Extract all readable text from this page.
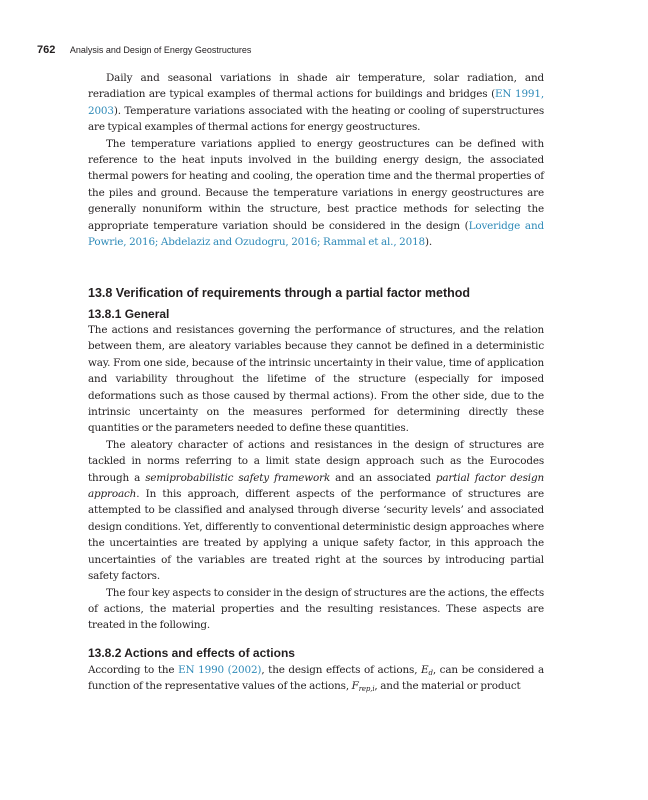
762 Analysis and Design of Energy Geostructures

Daily and seasonal variations in shade air temperature, solar radiation, and reradiation are typical examples of thermal actions for buildings and bridges (EN 1991, 2003). Temperature variations associated with the heating or cooling of superstructures are typical examples of thermal actions for energy geostructures.

The temperature variations applied to energy geostructures can be defined with reference to the heat inputs involved in the building energy design, the associated thermal powers for heating and cooling, the operation time and the thermal properties of the piles and ground. Because the temperature variations in energy geostructures are generally nonuniform within the structure, best practice methods for selecting the appropriate temperature variation should be considered in the design (Loveridge and Powrie, 2016; Abdelaziz and Ozudogru, 2016; Rammal et al., 2018).

13.8 Verification of requirements through a partial factor method
13.8.1 General

The actions and resistances governing the performance of structures, and the relation between them, are aleatory variables because they cannot be defined in a deterministic way. From one side, because of the intrinsic uncertainty in their value, time of application and variability throughout the lifetime of the structure (especially for imposed deformations such as those caused by thermal actions). From the other side, due to the intrinsic uncertainty on the measures performed for determining directly these quantities or the parameters needed to define these quantities.

The aleatory character of actions and resistances in the design of structures are tackled in norms referring to a limit state design approach such as the Eurocodes through a semiprobabilistic safety framework and an associated partial factor design approach. In this approach, different aspects of the performance of structures are attempted to be classified and analysed through diverse ‘security levels’ and associated design conditions. Yet, differently to conventional deterministic design approaches where the uncertainties are treated by applying a unique safety factor, in this approach the uncertainties of the variables are treated right at the sources by introducing partial safety factors.

The four key aspects to consider in the design of structures are the actions, the effects of actions, the material properties and the resulting resistances. These aspects are treated in the following.

13.8.2 Actions and effects of actions

According to the EN 1990 (2002), the design effects of actions, $E_d$, can be considered a function of the representative values of the actions, $F_{rep,i}$, and the material or product
